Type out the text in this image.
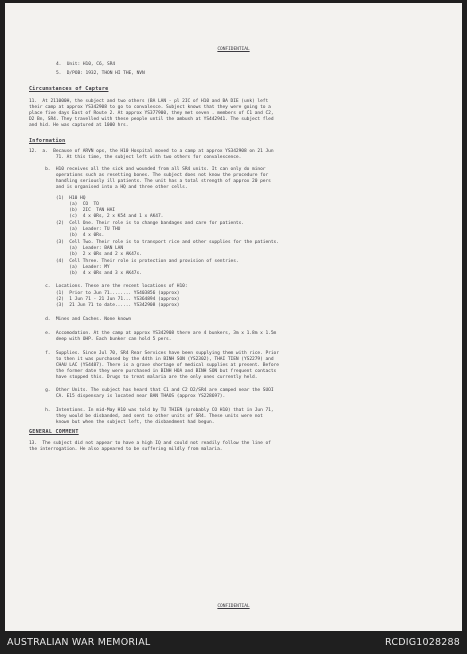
CONFIDENTIAL
4.  Unit: H10, C6, SR4
5.  D/POB: 1932, THON HI THE, NVN
Circumstances of Capture
11.  At 211000H, the subject and two others (BA LAN - pl 2IC of H10 and BA DIE (unk) left
their camp at approx YS342908 to go to convalesce. Subject knows that they were going to a
place five days East of Route 2. At approx YS377900, they met seven . members of C1 and C2,
D2 Bn, SR4. They travelled with these people until the ambush at YS442941. The subject fled
and hid. He was captured at 1000 hrs.
Information
12.  a.  Because of ARVN ops, the H10 Hospital moved to a camp at approx YS342908 on 21 Jun
71. At this time, the subject left with two others for convalescence.
b.  H10 receives all the sick and wounded from all SR4 units. It can only do minor
operations such as resetting bones. The subject does not know the procedure for
handling seriously ill patients. The unit has a total strength of approx 20 pers
and is organised into a HQ and three other cells.
(1)  H10 HQ
(a)  CO  TO
(b)  2IC  TAN HAI
(c)  4 x 0Rs, 2 x K54 and 1 x AK47.
(2)  Cell One. Their role is to change bandages and care for patients.
(a)  Leader: TU THU
(b)  4 x 0Rs.
(3)  Cell Two. Their role is to transport rice and other supplies for the patients.
(a)  Leader: BAN LAN
(b)  2 x 0Rs and 2 x AK47s.
(4)  Cell Three. Their role is protection and provision of sentries.
(a)  Leader: MY
(b)  4 x 0Rs and 3 x AK47s.
c.  Locations. These are the recent locations of H10:
(1)  Prior to Jun 71........ YS403856 (approx)
(2)  1 Jun 71 - 21 Jun 71... YS364894 (approx)
(3)  21 Jun 71 to date...... YS342908 (approx)
d.  Mines and Caches. None known
e.  Accomodation. At the camp at approx YS342908 there are 4 bunkers, 3m x 1.8m x 1.5m
deep with OHP. Each bunker can hold 5 pers.
f.  Supplies. Since Jul 70, SR4 Rear Services have been supplying them with rice. Prior
to then it was purchased by the 44th in BINH SON (YS2302), THAI TIEN (YS2279) and
CHAU LAC (YS4487). There is a grave shortage of medical supplies at present. Before
the former date they were purchased in BINH HOA and BINH SON but frequent contacts
have stopped this. Drugs to treat malaria are the only ones currently held.
g.  Other Units. The subject has heard that C1 and C2 D2/SR4 are camped near the SUOI
CA. E15 dispensary is located near BAN THAOS (approx YS228697).
h.  Intentions. In mid-May H10 was told by TU THIEN (probably CO H10) that in Jun 71,
they would be disbanded, and sent to other units of SR4. These units were not
known but when the subject left, the disbandment had begun.
GENERAL COMMENT
13.  The subject did not appear to have a high IQ and could not readily follow the line of
the interrogation. He also appeared to be suffering mildly from malaria.
CONFIDENTIAL
AUSTRALIAN WAR MEMORIAL	RCDIG1028288
